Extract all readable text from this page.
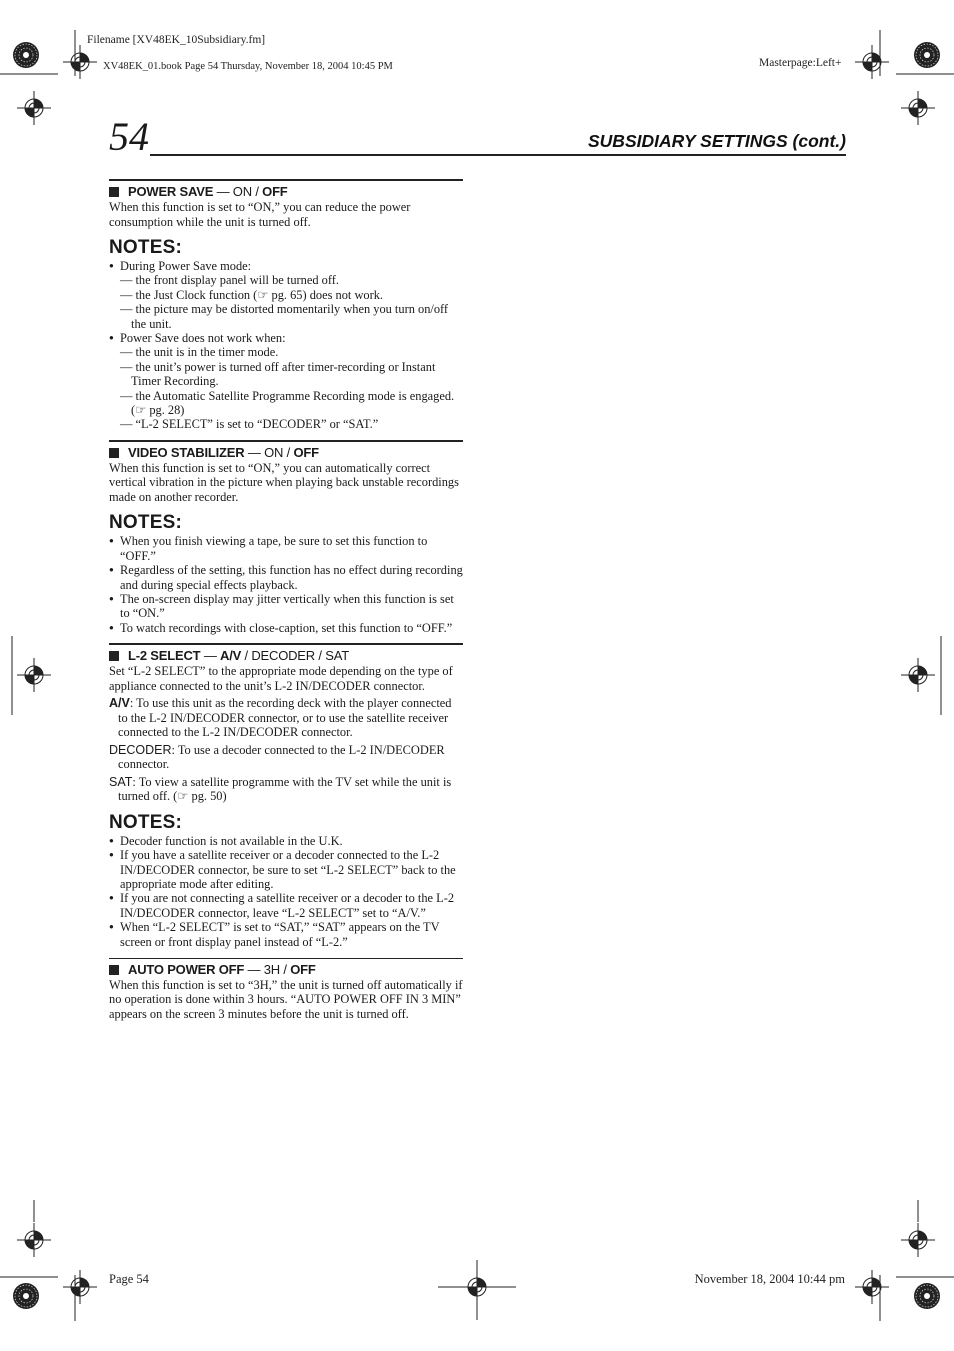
Filename [XV48EK_10Subsidiary.fm]
XV48EK_01.book Page 54 Thursday, November 18, 2004 10:45 PM	Masterpage:Left+
54	SUBSIDIARY SETTINGS (cont.)
POWER SAVE — ON / OFF

When this function is set to “ON,” you can reduce the power consumption while the unit is turned off.

NOTES:

● During Power Save mode:

— the front display panel will be turned off.

— the Just Clock function (☞ pg. 65) does not work.

— the picture may be distorted momentarily when you turn on/off the unit.

● Power Save does not work when:

— the unit is in the timer mode.

— the unit’s power is turned off after timer-recording or Instant Timer Recording.

— the Automatic Satellite Programme Recording mode is engaged. (☞ pg. 28)

— “L-2 SELECT” is set to “DECODER” or “SAT.”

VIDEO STABILIZER — ON / OFF

When this function is set to “ON,” you can automatically correct vertical vibration in the picture when playing back unstable recordings made on another recorder.

NOTES:

● When you finish viewing a tape, be sure to set this function to “OFF.”

● Regardless of the setting, this function has no effect during recording and during special effects playback.

● The on-screen display may jitter vertically when this function is set to “ON.”

● To watch recordings with close-caption, set this function to “OFF.”

L-2 SELECT — A/V / DECODER / SAT

Set “L-2 SELECT” to the appropriate mode depending on the type of appliance connected to the unit’s L-2 IN/DECODER connector.

A/V: To use this unit as the recording deck with the player connected to the L-2 IN/DECODER connector, or to use the satellite receiver connected to the L-2 IN/DECODER connector.

DECODER: To use a decoder connected to the L-2 IN/DECODER connector.

SAT: To view a satellite programme with the TV set while the unit is turned off. (☞ pg. 50)

NOTES:

● Decoder function is not available in the U.K.

● If you have a satellite receiver or a decoder connected to the L-2 IN/DECODER connector, be sure to set “L-2 SELECT” back to the appropriate mode after editing.

● If you are not connecting a satellite receiver or a decoder to the L-2 IN/DECODER connector, leave “L-2 SELECT” set to “A/V.”

● When “L-2 SELECT” is set to “SAT,” “SAT” appears on the TV screen or front display panel instead of “L-2.”

AUTO POWER OFF — 3H / OFF

When this function is set to “3H,” the unit is turned off automatically if no operation is done within 3 hours. “AUTO POWER OFF IN 3 MIN” appears on the screen 3 minutes before the unit is turned off.

Page 54	November 18, 2004 10:44 pm
